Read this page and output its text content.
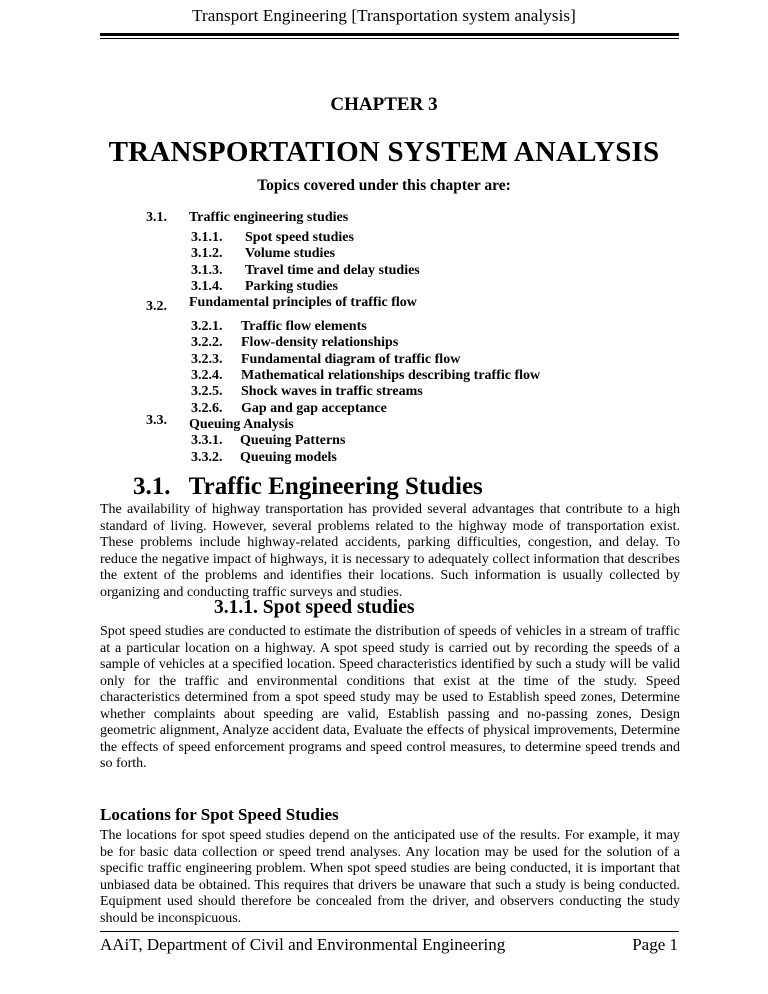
Transport Engineering [Transportation system analysis]
CHAPTER 3
TRANSPORTATION SYSTEM ANALYSIS
Topics covered under this chapter are:
3.1. Traffic engineering studies
3.1.1. Spot speed studies
3.1.2. Volume studies
3.1.3. Travel time and delay studies
3.1.4. Parking studies
3.2. Fundamental principles of traffic flow
3.2.1. Traffic flow elements
3.2.2. Flow-density relationships
3.2.3. Fundamental diagram of traffic flow
3.2.4. Mathematical relationships describing traffic flow
3.2.5. Shock waves in traffic streams
3.2.6. Gap and gap acceptance
3.3. Queuing Analysis
3.3.1. Queuing Patterns
3.3.2. Queuing models
3.1.   Traffic Engineering Studies

The availability of highway transportation has provided several advantages that contribute to a high standard of living. However, several problems related to the highway mode of transportation exist. These problems include highway-related accidents, parking difficulties, congestion, and delay. To reduce the negative impact of highways, it is necessary to adequately collect information that describes the extent of the problems and identifies their locations. Such information is usually collected by organizing and conducting traffic surveys and studies.

3.1.1. Spot speed studies

Spot speed studies are conducted to estimate the distribution of speeds of vehicles in a stream of traffic at a particular location on a highway. A spot speed study is carried out by recording the speeds of a sample of vehicles at a specified location. Speed characteristics identified by such a study will be valid only for the traffic and environmental conditions that exist at the time of the study. Speed characteristics determined from a spot speed study may be used to Establish speed zones, Determine whether complaints about speeding are valid, Establish passing and no-passing zones, Design geometric alignment, Analyze accident data, Evaluate the effects of physical improvements, Determine the effects of speed enforcement programs and speed control measures, to determine speed trends and so forth.

Locations for Spot Speed Studies

The locations for spot speed studies depend on the anticipated use of the results. For example, it may be for basic data collection or speed trend analyses. Any location may be used for the solution of a specific traffic engineering problem. When spot speed studies are being conducted, it is important that unbiased data be obtained. This requires that drivers be unaware that such a study is being conducted. Equipment used should therefore be concealed from the driver, and observers conducting the study should be inconspicuous.

AAiT, Department of Civil and Environmental Engineering	Page 1
